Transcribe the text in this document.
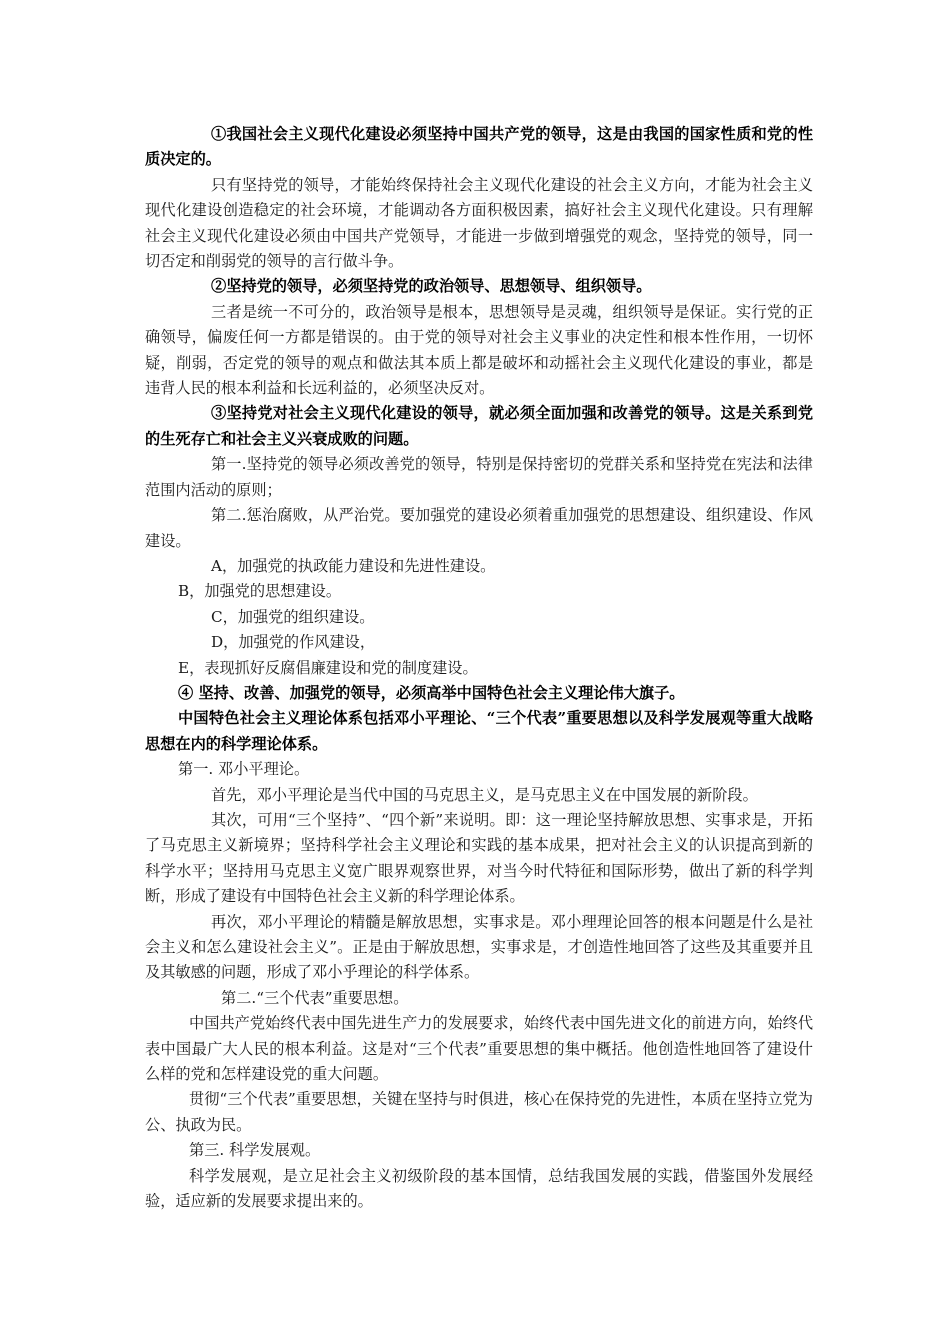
①我国社会主义现代化建设必须坚持中国共产党的领导，这是由我国的国家性质和党的性质决定的。

只有坚持党的领导，才能始终保持社会主义现代化建设的社会主义方向，才能为社会主义现代化建设创造稳定的社会环境，才能调动各方面积极因素，搞好社会主义现代化建设。只有理解社会主义现代化建设必须由中国共产党领导，才能进一步做到增强党的观念，坚持党的领导，同一切否定和削弱党的领导的言行做斗争。

②坚持党的领导，必须坚持党的政治领导、思想领导、组织领导。

三者是统一不可分的，政治领导是根本，思想领导是灵魂，组织领导是保证。实行党的正确领导，偏废任何一方都是错误的。由于党的领导对社会主义事业的决定性和根本性作用，一切怀疑，削弱，否定党的领导的观点和做法其本质上都是破坏和动摇社会主义现代化建设的事业，都是违背人民的根本利益和长远利益的，必须坚决反对。

③坚持党对社会主义现代化建设的领导，就必须全面加强和改善党的领导。这是关系到党的生死存亡和社会主义兴衰成败的问题。

第一.坚持党的领导必须改善党的领导，特别是保持密切的党群关系和坚持党在宪法和法律范围内活动的原则；

第二.惩治腐败，从严治党。要加强党的建设必须着重加强党的思想建设、组织建设、作风建设。

A，加强党的执政能力建设和先进性建设。

B，加强党的思想建设。

C，加强党的组织建设。

D，加强党的作风建设，

E，表现抓好反腐倡廉建设和党的制度建设。

④ 坚持、改善、加强党的领导，必须高举中国特色社会主义理论伟大旗子。

中国特色社会主义理论体系包括邓小平理论、“三个代表”重要思想以及科学发展观等重大战略思想在内的科学理论体系。

第一. 邓小平理论。

首先，邓小平理论是当代中国的马克思主义，是马克思主义在中国发展的新阶段。

其次，可用“三个坚持”、“四个新”来说明。即：这一理论坚持解放思想、实事求是，开拓了马克思主义新境界；坚持科学社会主义理论和实践的基本成果，把对社会主义的认识提高到新的科学水平；坚持用马克思主义宽广眼界观察世界，对当今时代特征和国际形势，做出了新的科学判断，形成了建设有中国特色社会主义新的科学理论体系。

再次，邓小平理论的精髓是解放思想，实事求是。邓小理理论回答的根本问题是什么是社会主义和怎么建设社会主义”。正是由于解放思想，实事求是，才创造性地回答了这些及其重要并且及其敏感的问题，形成了邓小乎理论的科学体系。

第二.“三个代表”重要思想。

中国共产党始终代表中国先进生产力的发展要求，始终代表中国先进文化的前进方向，始终代表中国最广大人民的根本利益。这是对“三个代表”重要思想的集中概括。他创造性地回答了建设什么样的党和怎样建设党的重大问题。

贯彻“三个代表”重要思想，关键在坚持与时俱进，核心在保持党的先进性，本质在坚持立党为公、执政为民。

第三. 科学发展观。

科学发展观，是立足社会主义初级阶段的基本国情，总结我国发展的实践，借鉴国外发展经验，适应新的发展要求提出来的。
